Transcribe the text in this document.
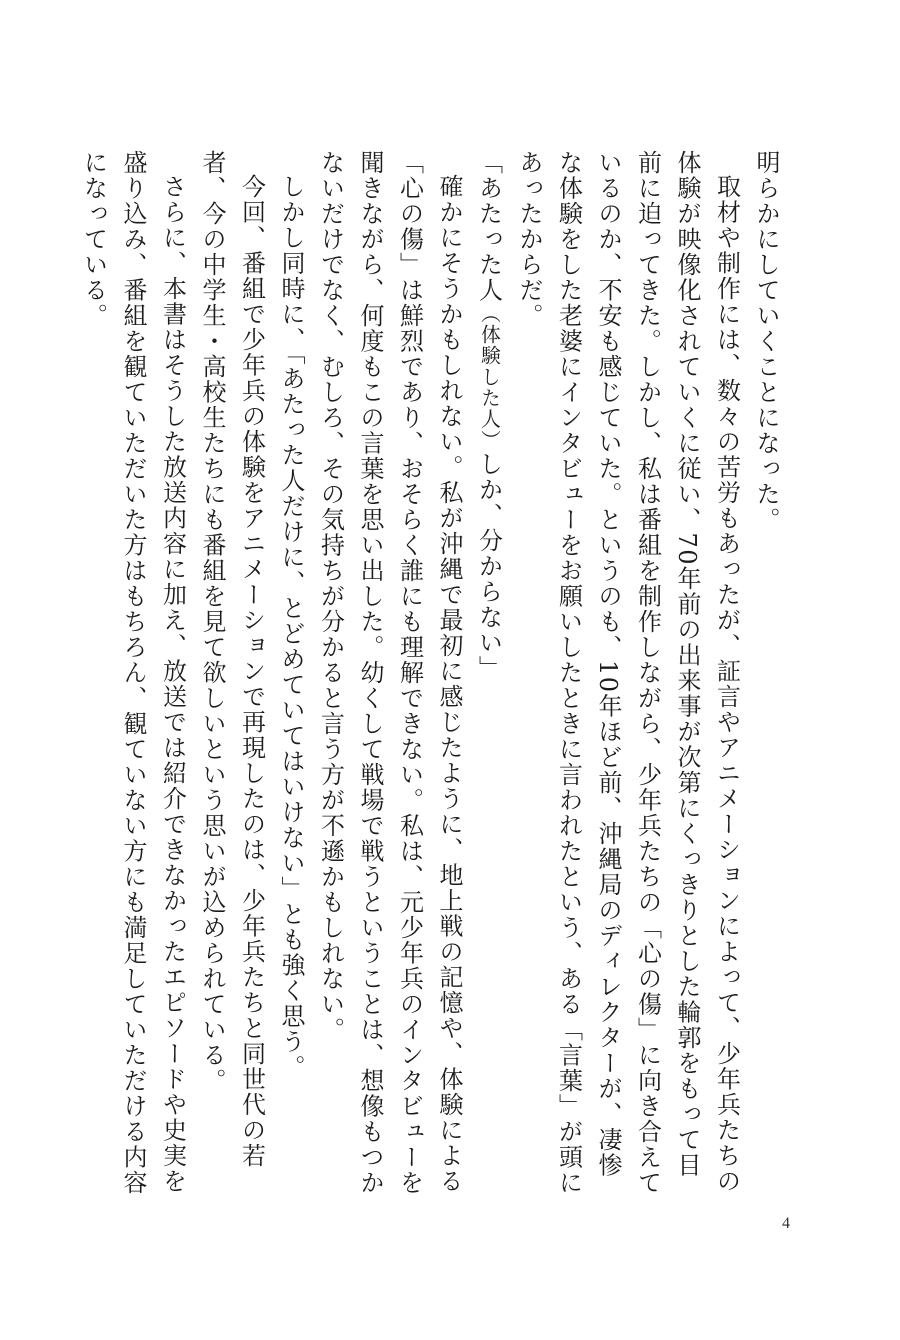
明らかにしていくことになった。

取材や制作には、数々の苦労もあったが、証言やアニメーションによって、少年兵たちの体験が映像化されていくに従い、70年前の出来事が次第にくっきりとした輪郭をもって目前に迫ってきた。しかし、私は番組を制作しながら、少年兵たちの「心の傷」に向き合えているのか、不安も感じていた。というのも、10年ほど前、沖縄局のディレクターが、凄惨な体験をした老婆にインタビューをお願いしたときに言われたという、ある「言葉」が頭にあったからだ。

「あたった人（体験した人）しか、分からない」

確かにそうかもしれない。私が沖縄で最初に感じたように、地上戦の記憶や、体験による「心の傷」は鮮烈であり、おそらく誰にも理解できない。私は、元少年兵のインタビューを聞きながら、何度もこの言葉を思い出した。幼くして戦場で戦うということは、想像もつかないだけでなく、むしろ、その気持ちが分かると言う方が不遜かもしれない。

しかし同時に、「あたった人だけに、とどめていてはいけない」とも強く思う。

今回、番組で少年兵の体験をアニメーションで再現したのは、少年兵たちと同世代の若者、今の中学生・高校生たちにも番組を見て欲しいという思いが込められている。

さらに、本書はそうした放送内容に加え、放送では紹介できなかったエピソードや史実を盛り込み、番組を観ていただいた方はもちろん、観ていない方にも満足していただける内容になっている。

4
